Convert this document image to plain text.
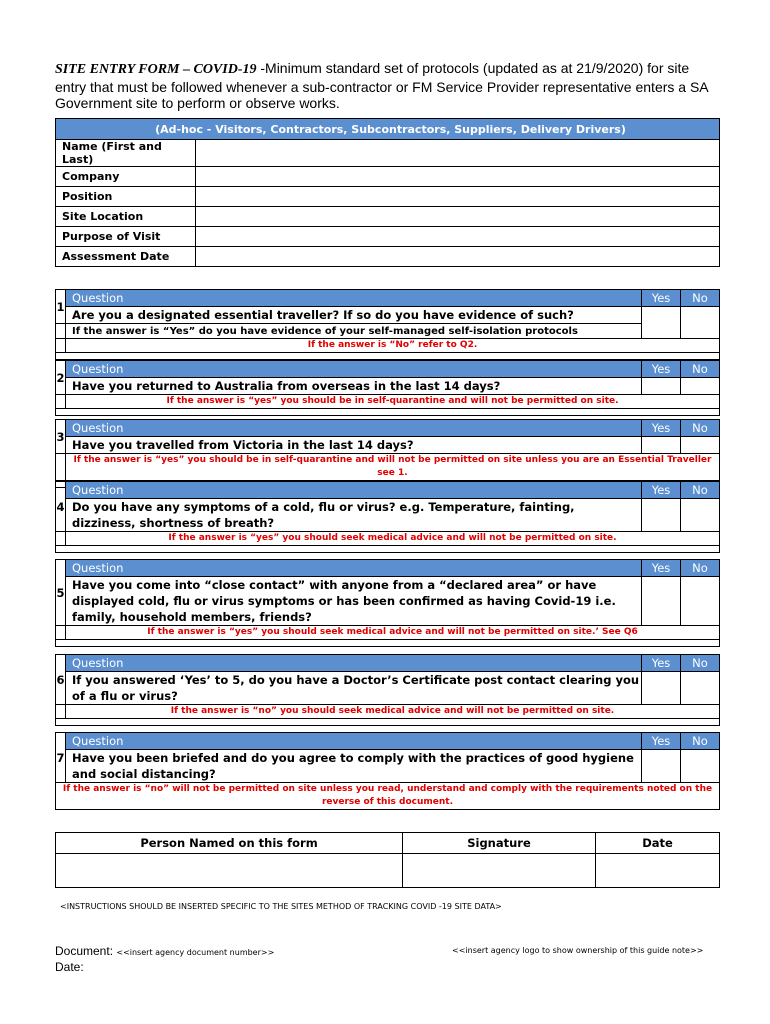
SITE ENTRY FORM – COVID-19 -Minimum standard set of protocols (updated as at 21/9/2020) for site entry that must be followed whenever a sub-contractor or FM Service Provider representative enters a SA Government site to perform or observe works.
(Ad-hoc - Visitors, Contractors, Subcontractors, Suppliers, Delivery Drivers)	
Name (First and Last)	
Company	
Position	
Site Location	
Purpose of Visit	
Assessment Date	
1	Question	Yes	No
	Are you a designated essential traveller? If so do you have evidence of such?		
	If the answer is “Yes” do you have evidence of your self-managed self-isolation protocols		
	If the answer is “No” refer to Q2.		

2	Question	Yes	No
	Have you returned to Australia from overseas in the last 14 days?		
	If the answer is “yes” you should be in self-quarantine and will not be permitted on site.		

3	Question	Yes	No
	Have you travelled from Victoria in the last 14 days?		
	If the answer is “yes” you should be in self-quarantine and will not be permitted on site unless you are an Essential Traveller see 1.		

4	Question	Yes	No
	Do you have any symptoms of a cold, flu or virus? e.g. Temperature, fainting, dizziness, shortness of breath?		
	If the answer is “yes” you should seek medical advice and will not be permitted on site.		

5	Question	Yes	No
	Have you come into “close contact” with anyone from a “declared area” or have displayed cold, flu or virus symptoms or has been confirmed as having Covid-19 i.e. family, household members, friends?		
	If the answer is “yes” you should seek medical advice and will not be permitted on site.’ See Q6		

6	Question	Yes	No
	If you answered ‘Yes’ to 5, do you have a Doctor’s Certificate post contact clearing you of a flu or virus?		
	If the answer is “no” you should seek medical advice and will not be permitted on site.		

7	Question	Yes	No
	Have you been briefed and do you agree to comply with the practices of good hygiene and social distancing?		
If the answer is “no” will not be permitted on site unless you read, understand and comply with the requirements noted on the reverse of this document.			
Person Named on this form	Signature	Date

<INSTRUCTIONS SHOULD BE INSERTED SPECIFIC TO THE SITES METHOD OF TRACKING COVID -19 SITE DATA>
Document: <<insert agency document number>>
Date:
<<insert agency logo to show ownership of this guide note>>
